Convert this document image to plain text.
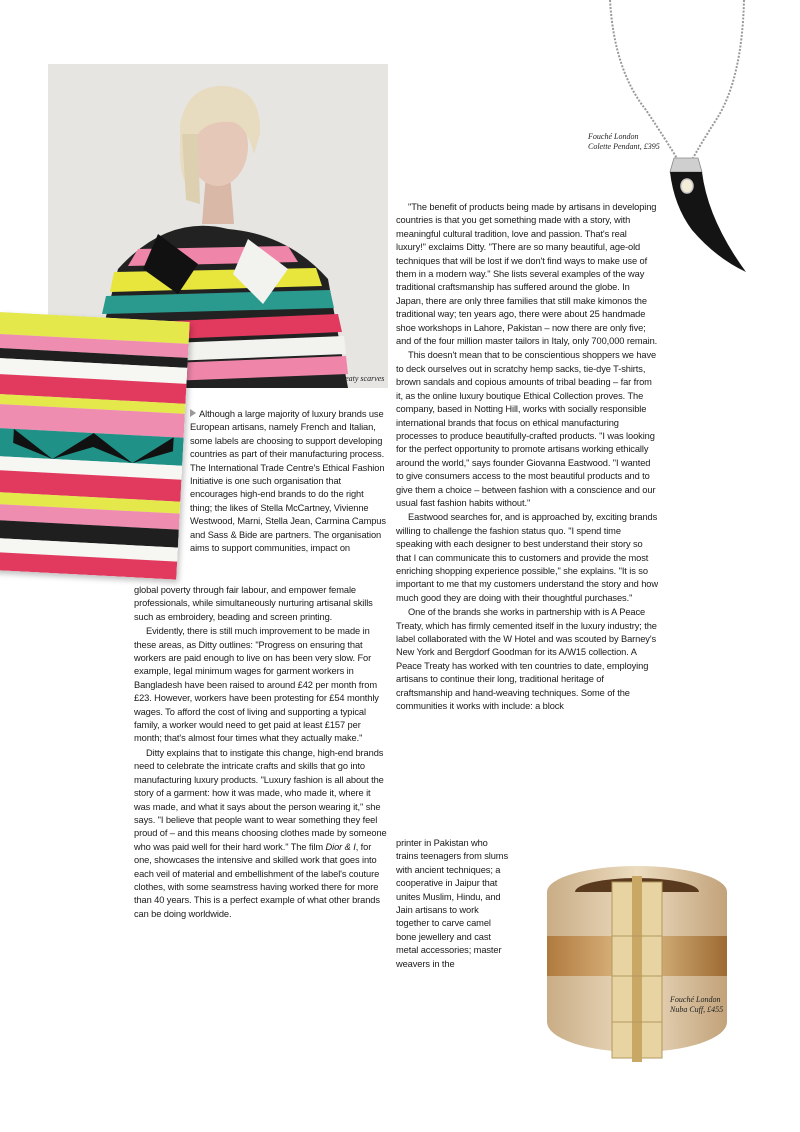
A Peace Treaty scarves
Fouché London
Colette Pendant, £395
Fouché London
Nuba Cuff, £455

Although a large majority of luxury brands use European artisans, namely French and Italian, some labels are choosing to support developing countries as part of their manufacturing process. The International Trade Centre's Ethical Fashion Initiative is one such organisation that encourages high-end brands to do the right thing; the likes of Stella McCartney, Vivienne Westwood, Marni, Stella Jean, Carmina Campus and Sass & Bide are partners. The organisation aims to support communities, impact on

global poverty through fair labour, and empower female professionals, while simultaneously nurturing artisanal skills such as embroidery, beading and screen printing.

Evidently, there is still much improvement to be made in these areas, as Ditty outlines: "Progress on ensuring that workers are paid enough to live on has been very slow. For example, legal minimum wages for garment workers in Bangladesh have been raised to around £42 per month from £23. However, workers have been protesting for £54 monthly wages. To afford the cost of living and supporting a typical family, a worker would need to get paid at least £157 per month; that's almost four times what they actually make."

Ditty explains that to instigate this change, high-end brands need to celebrate the intricate crafts and skills that go into manufacturing luxury products. "Luxury fashion is all about the story of a garment: how it was made, who made it, where it was made, and what it says about the person wearing it," she says. "I believe that people want to wear something they feel proud of – and this means choosing clothes made by someone who was paid well for their hard work." The film Dior & I, for one, showcases the intensive and skilled work that goes into each veil of material and embellishment of the label's couture clothes, with some seamstress having worked there for more than 40 years. This is a perfect example of what other brands can be doing worldwide.

"The benefit of products being made by artisans in developing countries is that you get something made with a story, with meaningful cultural tradition, love and passion. That's real luxury!" exclaims Ditty. "There are so many beautiful, age-old techniques that will be lost if we don't find ways to make use of them in a modern way." She lists several examples of the way traditional craftsmanship has suffered around the globe. In Japan, there are only three families that still make kimonos the traditional way; ten years ago, there were about 25 handmade shoe workshops in Lahore, Pakistan – now there are only five; and of the four million master tailors in Italy, only 700,000 remain.

This doesn't mean that to be conscientious shoppers we have to deck ourselves out in scratchy hemp sacks, tie-dye T-shirts, brown sandals and copious amounts of tribal beading – far from it, as the online luxury boutique Ethical Collection proves. The company, based in Notting Hill, works with socially responsible international brands that focus on ethical manufacturing processes to produce beautifully-crafted products. "I was looking for the perfect opportunity to promote artisans working ethically around the world," says founder Giovanna Eastwood. "I wanted to give consumers access to the most beautiful products and to give them a choice – between fashion with a conscience and our usual fast fashion habits without."

Eastwood searches for, and is approached by, exciting brands willing to challenge the fashion status quo. "I spend time speaking with each designer to best understand their story so that I can communicate this to customers and provide the most enriching shopping experience possible," she explains. "It is so important to me that my customers understand the story and how much good they are doing with their thoughtful purchases."

One of the brands she works in partnership with is A Peace Treaty, which has firmly cemented itself in the luxury industry; the label collaborated with the W Hotel and was scouted by Barney's New York and Bergdorf Goodman for its A/W15 collection. A Peace Treaty has worked with ten countries to date, employing artisans to continue their long, traditional heritage of craftsmanship and hand-weaving techniques. Some of the communities it works with include: a block

printer in Pakistan who trains teenagers from slums with ancient techniques; a cooperative in Jaipur that unites Muslim, Hindu, and Jain artisans to work together to carve camel bone jewellery and cast metal accessories; master weavers in the
